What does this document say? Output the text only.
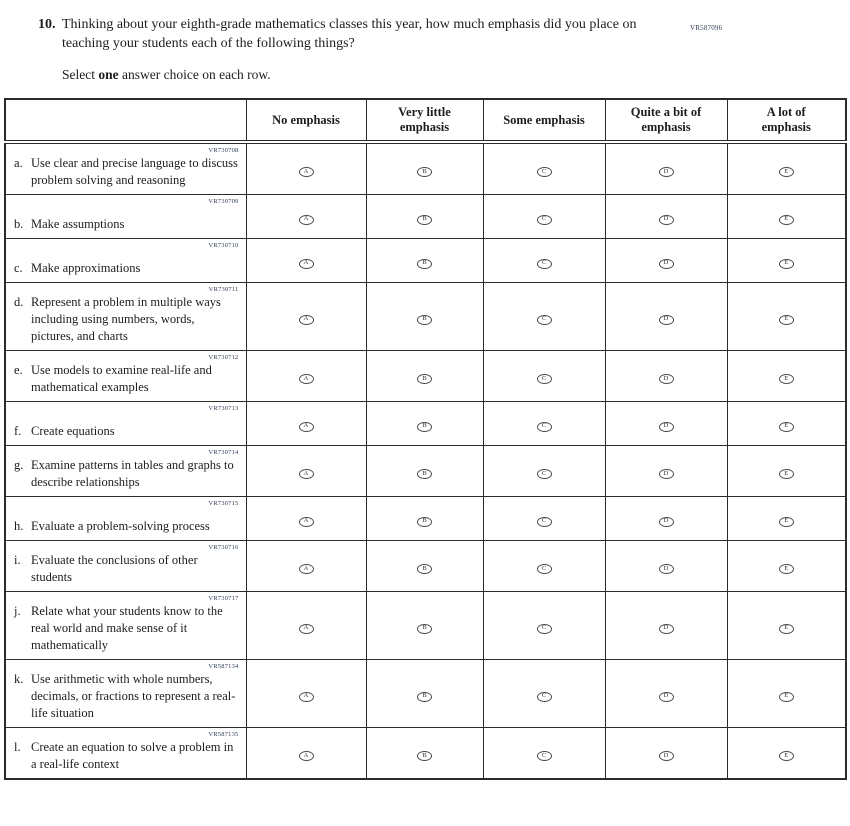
VR587096
10. Thinking about your eighth-grade mathematics classes this year, how much emphasis did you place on teaching your students each of the following things?

Select one answer choice on each row.

No emphasis

Very little
emphasis

Some emphasis

Quite a bit of
emphasis

A lot of
emphasis

VR730708
a. Use clear and precise language to discuss problem solving and reasoning	A	B	C	D	E

VR730709
b. Make assumptions	A	B	C	D	E

VR730710
c. Make approximations	A	B	C	D	E

VR730711
d. Represent a problem in multiple ways including using numbers, words, pictures, and charts	A	B	C	D	E

VR730712
e. Use models to examine real-life and mathematical examples	A	B	C	D	E

VR730713
f. Create equations	A	B	C	D	E

VR730714
g. Examine patterns in tables and graphs to describe relationships	A	B	C	D	E

VR730715
h. Evaluate a problem-solving process	A	B	C	D	E

VR730716
i. Evaluate the conclusions of other students	A	B	C	D	E

VR730717
j. Relate what your students know to the real world and make sense of it mathematically	A	B	C	D	E

VR587134
k. Use arithmetic with whole numbers, decimals, or fractions to represent a real-life situation	A	B	C	D	E

VR587135
l. Create an equation to solve a problem in a real-life context	A	B	C	D	E
